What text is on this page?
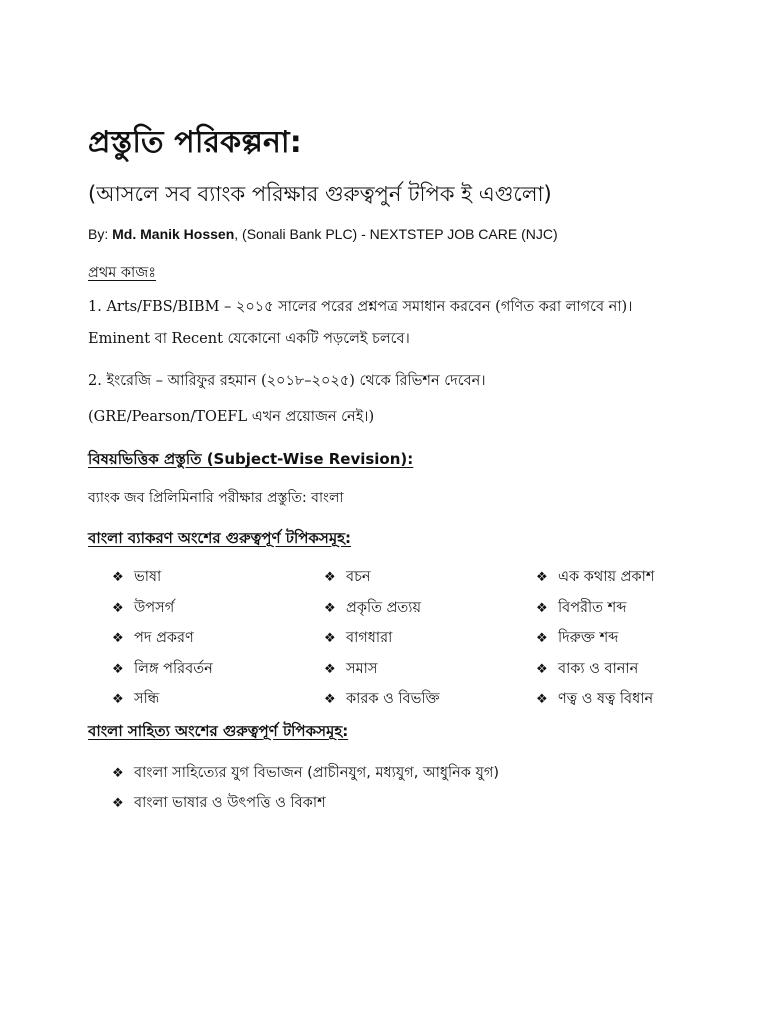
প্রস্তুতি পরিকল্পনা:
(আসলে সব ব্যাংক পরিক্ষার গুরুত্বপুর্ন টপিক ই এগুলো)
By: Md. Manik Hossen, (Sonali Bank PLC) - NEXTSTEP JOB CARE (NJC)
প্রথম কাজঃ
1. Arts/FBS/BIBM – ২০১৫ সালের পরের প্রশ্নপত্র সমাধান করবেন (গণিত করা লাগবে না)।
Eminent বা Recent যেকোনো একটি পড়লেই চলবে।
2. ইংরেজি – আরিফুর রহমান (২০১৮–২০২৫) থেকে রিভিশন দেবেন।
(GRE/Pearson/TOEFL এখন প্রয়োজন নেই।)
বিষয়ভিত্তিক প্রস্তুতি (Subject-Wise Revision):
ব্যাংক জব প্রিলিমিনারি পরীক্ষার প্রস্তুতি: বাংলা
বাংলা ব্যাকরণ অংশের গুরুত্বপূর্ণ টপিকসমূহ:
❖ ভাষা	❖ বচন	❖ এক কথায় প্রকাশ
❖ উপসর্গ	❖ প্রকৃতি প্রত্যয়	❖ বিপরীত শব্দ
❖ পদ প্রকরণ	❖ বাগধারা	❖ দিরুক্ত শব্দ
❖ লিঙ্গ পরিবর্তন	❖ সমাস	❖ বাক্য ও বানান
❖ সন্ধি	❖ কারক ও বিভক্তি	❖ ণত্ব ও ষত্ব বিধান
বাংলা সাহিত্য অংশের গুরুত্বপূর্ণ টপিকসমূহ:
❖ বাংলা সাহিত্যের যুগ বিভাজন (প্রাচীনযুগ, মধ্যযুগ, আধুনিক যুগ)
❖ বাংলা ভাষার ও উৎপত্তি ও বিকাশ
